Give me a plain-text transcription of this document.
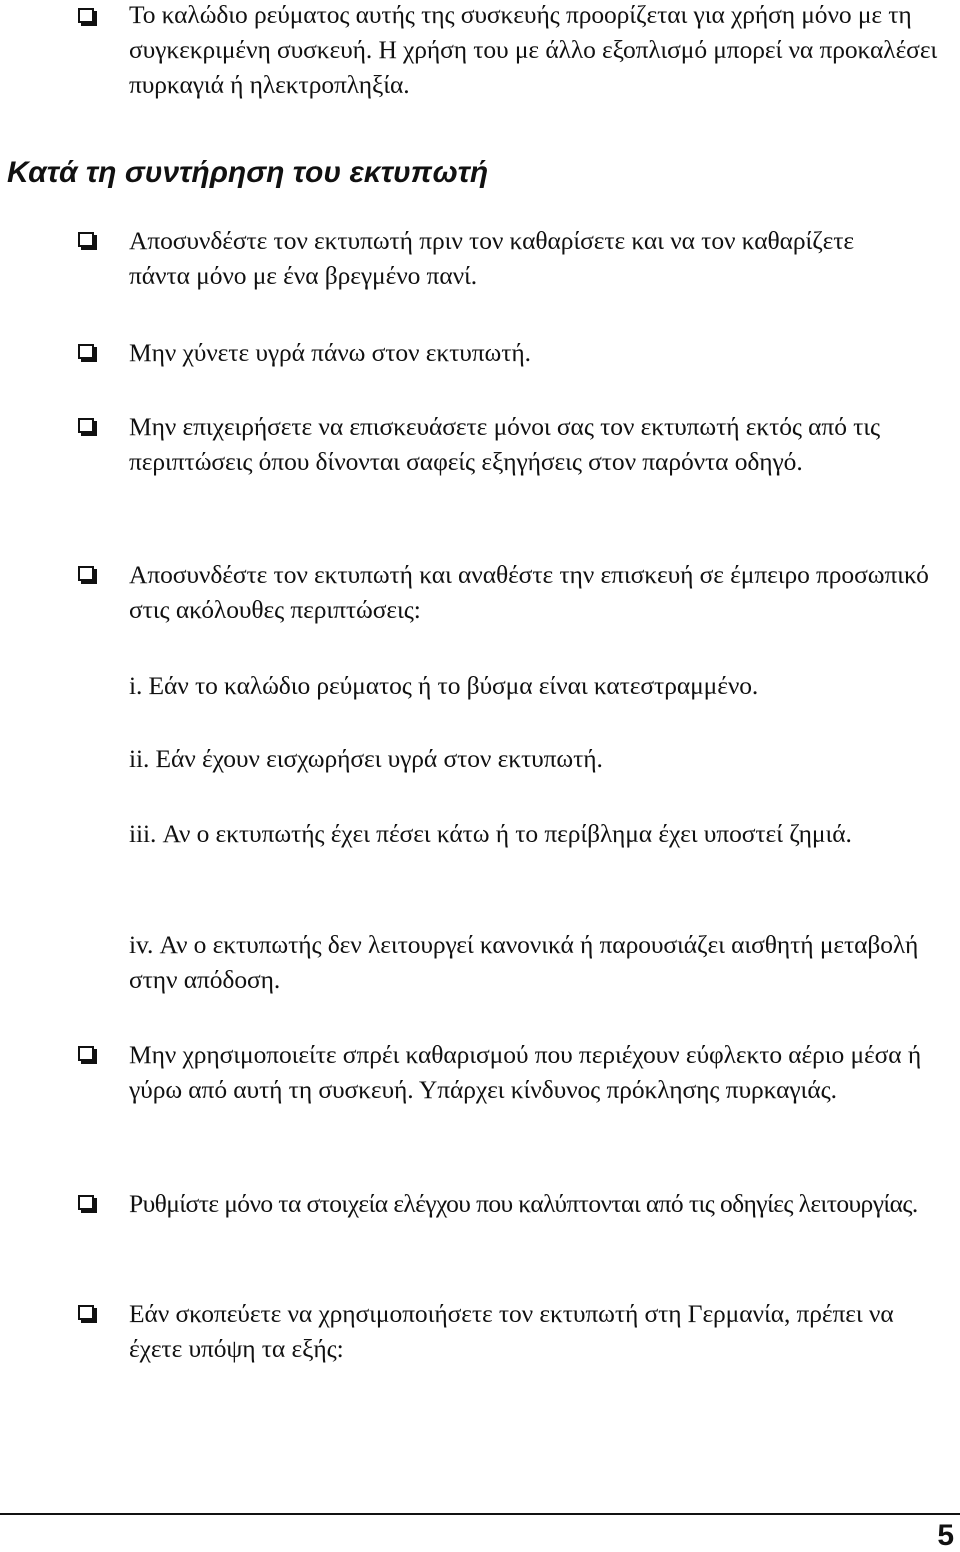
Το καλώδιο ρεύματος αυτής της συσκευής προορίζεται για χρήση μόνο με τη συγκεκριμένη συσκευή. Η χρήση του με άλλο εξοπλισμό μπορεί να προκαλέσει πυρκαγιά ή ηλεκτροπληξία.
Κατά τη συντήρηση του εκτυπωτή
Αποσυνδέστε τον εκτυπωτή πριν τον καθαρίσετε και να τον καθαρίζετε πάντα μόνο με ένα βρεγμένο πανί.
Μην χύνετε υγρά πάνω στον εκτυπωτή.
Μην επιχειρήσετε να επισκευάσετε μόνοι σας τον εκτυπωτή εκτός από τις περιπτώσεις όπου δίνονται σαφείς εξηγήσεις στον παρόντα οδηγό.
Αποσυνδέστε τον εκτυπωτή και αναθέστε την επισκευή σε έμπειρο προσωπικό στις ακόλουθες περιπτώσεις:
i. Εάν το καλώδιο ρεύματος ή το βύσμα είναι κατεστραμμένο.
ii. Εάν έχουν εισχωρήσει υγρά στον εκτυπωτή.
iii. Αν ο εκτυπωτής έχει πέσει κάτω ή το περίβλημα έχει υποστεί ζημιά.
iv. Αν ο εκτυπωτής δεν λειτουργεί κανονικά ή παρουσιάζει αισθητή μεταβολή στην απόδοση.
Μην χρησιμοποιείτε σπρέι καθαρισμού που περιέχουν εύφλεκτο αέριο μέσα ή γύρω από αυτή τη συσκευή. Υπάρχει κίνδυνος πρόκλησης πυρκαγιάς.
Ρυθμίστε μόνο τα στοιχεία ελέγχου που καλύπτονται από τις οδηγίες λειτουργίας.
Εάν σκοπεύετε να χρησιμοποιήσετε τον εκτυπωτή στη Γερμανία, πρέπει να έχετε υπόψη τα εξής:
5
